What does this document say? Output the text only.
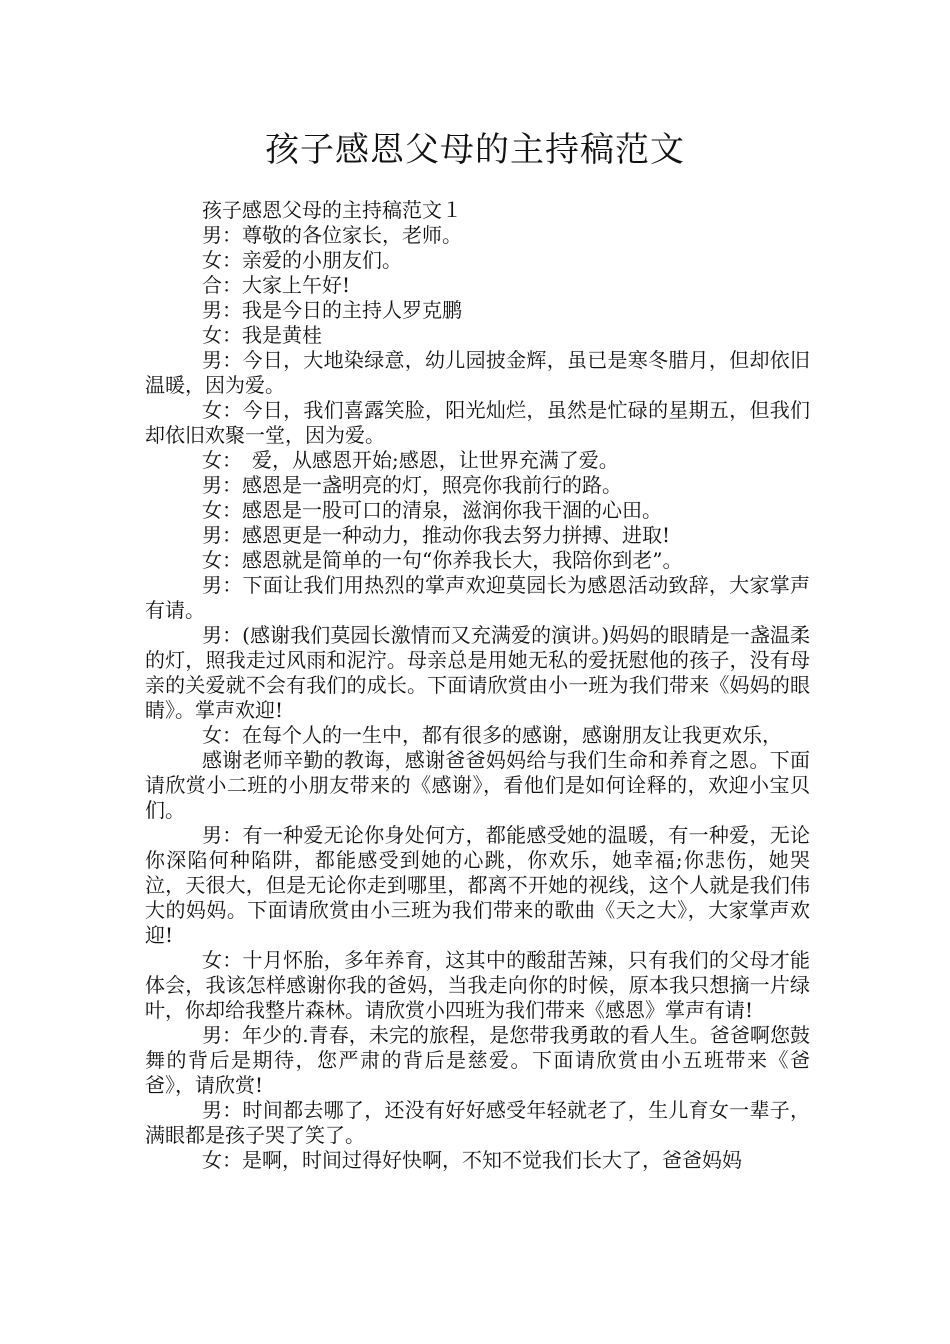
孩子感恩父母的主持稿范文

孩子感恩父母的主持稿范文１

男：尊敬的各位家长，老师。

女：亲爱的小朋友们。

合：大家上午好!

男：我是今日的主持人罗克鹏

女：我是黄桂

男：今日，大地染绿意，幼儿园披金辉，虽已是寒冬腊月，但却依旧温暖，因为爱。

女：今日，我们喜露笑脸，阳光灿烂，虽然是忙碌的星期五，但我们却依旧欢聚一堂，因为爱。

女：　爱，从感恩开始;感恩，让世界充满了爱。

男：感恩是一盏明亮的灯，照亮你我前行的路。

女：感恩是一股可口的清泉，滋润你我干涸的心田。

男：感恩更是一种动力，推动你我去努力拼搏、进取!

女：感恩就是简单的一句“你养我长大，我陪你到老”。

男：下面让我们用热烈的掌声欢迎莫园长为感恩活动致辞，大家掌声有请。

男：(感谢我们莫园长激情而又充满爱的演讲。)妈妈的眼睛是一盏温柔的灯，照我走过风雨和泥泞。母亲总是用她无私的爱抚慰他的孩子，没有母亲的关爱就不会有我们的成长。下面请欣赏由小一班为我们带来《妈妈的眼睛》。掌声欢迎!

女：在每个人的一生中，都有很多的感谢，感谢朋友让我更欢乐，

感谢老师辛勤的教诲，感谢爸爸妈妈给与我们生命和养育之恩。下面请欣赏小二班的小朋友带来的《感谢》，看他们是如何诠释的，欢迎小宝贝们。

男：有一种爱无论你身处何方，都能感受她的温暖，有一种爱，无论你深陷何种陷阱，都能感受到她的心跳，你欢乐，她幸福;你悲伤，她哭泣，天很大，但是无论你走到哪里，都离不开她的视线，这个人就是我们伟大的妈妈。下面请欣赏由小三班为我们带来的歌曲《天之大》，大家掌声欢迎!

女：十月怀胎，多年养育，这其中的酸甜苦辣，只有我们的父母才能体会，我该怎样感谢你我的爸妈，当我走向你的时候，原本我只想摘一片绿叶，你却给我整片森林。请欣赏小四班为我们带来《感恩》掌声有请!

男：年少的.青春，未完的旅程，是您带我勇敢的看人生。爸爸啊您鼓舞的背后是期待，您严肃的背后是慈爱。下面请欣赏由小五班带来《爸爸》，请欣赏!

男：时间都去哪了，还没有好好感受年轻就老了，生儿育女一辈子，满眼都是孩子哭了笑了。

女：是啊，时间过得好快啊，不知不觉我们长大了，爸爸妈妈
